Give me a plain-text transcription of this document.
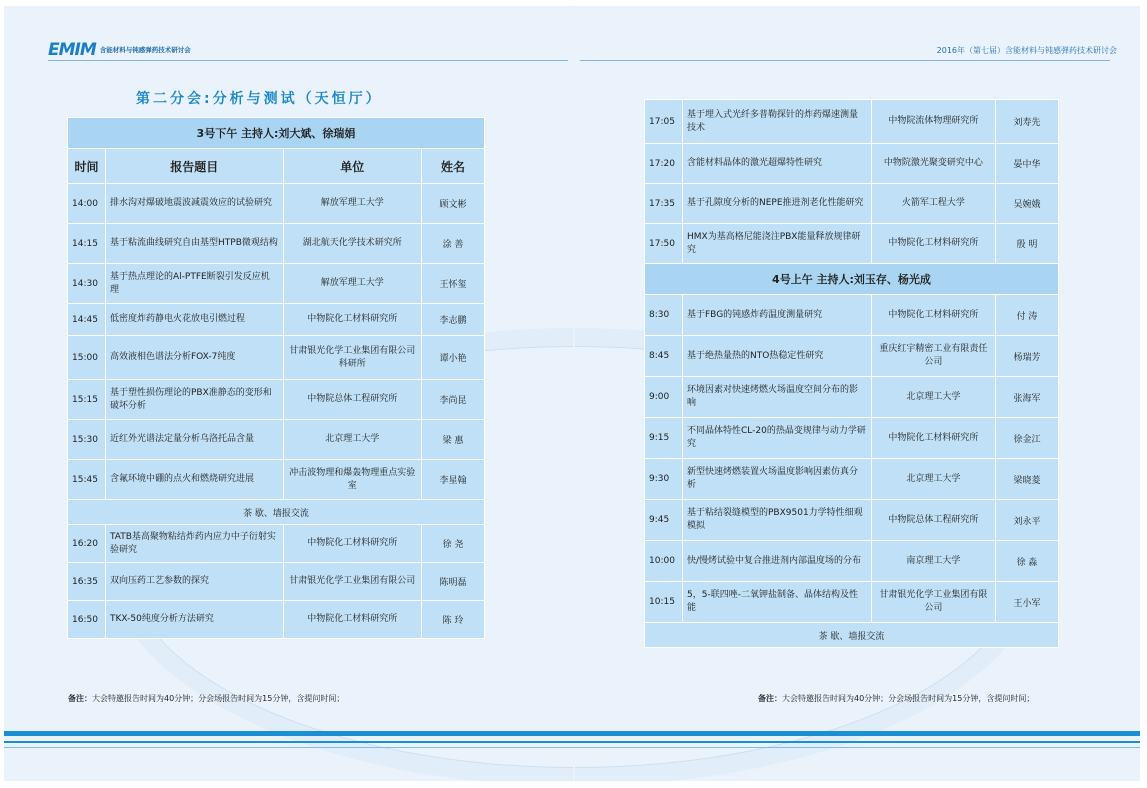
EMIM 含能材料与钝感弹药技术研讨会	2016年（第七届）含能材料与钝感弹药技术研讨会
第二分会:分析与测试（天恒厅）
3号下午 主持人:刘大斌、徐瑞娟			
时间	报告题目	单位	姓名
14:00	排水沟对爆破地震波减震效应的试验研究	解放军理工大学	顾文彬
14:15	基于粘流曲线研究自由基型HTPB微观结构	湖北航天化学技术研究所	涂 善
14:30	基于热点理论的Al-PTFE断裂引发反应机理	解放军理工大学	王怀玺
14:45	低密度炸药静电火花放电引燃过程	中物院化工材料研究所	李志鹏
15:00	高效液相色谱法分析FOX-7纯度	甘肃银光化学工业集团有限公司科研所	谭小艳
15:15	基于塑性损伤理论的PBX准静态的变形和破坏分析	中物院总体工程研究所	李尚昆
15:30	近红外光谱法定量分析乌洛托品含量	北京理工大学	梁 惠
15:45	含氟环境中硼的点火和燃烧研究进展	冲击波物理和爆轰物理重点实验室	李星翰
茶 歇、墙报交流			
16:20	TATB基高聚物粘结炸药内应力中子衍射实验研究	中物院化工材料研究所	徐 尧
16:35	双向压药工艺参数的探究	甘肃银光化学工业集团有限公司	陈明磊
16:50	TKX-50纯度分析方法研究	中物院化工材料研究所	陈 玲
17:05	基于埋入式光纤多普勒探针的炸药爆速测量技术	中物院流体物理研究所	刘寿先
17:20	含能材料晶体的激光超爆特性研究	中物院激光聚变研究中心	晏中华
17:35	基于孔隙度分析的NEPE推进剂老化性能研究	火箭军工程大学	吴婉娥
17:50	HMX为基高格尼能浇注PBX能量释放规律研究	中物院化工材料研究所	殷 明
4号上午 主持人:刘玉存、杨光成			
8:30	基于FBG的钝感炸药温度测量研究	中物院化工材料研究所	付 涛
8:45	基于绝热量热的NTO热稳定性研究	重庆红宇精密工业有限责任公司	杨瑞芳
9:00	环境因素对快速烤燃火场温度空间分布的影响	北京理工大学	张海军
9:15	不同晶体特性CL-20的热晶变规律与动力学研究	中物院化工材料研究所	徐金江
9:30	新型快速烤燃装置火场温度影响因素仿真分析	北京理工大学	梁晓菱
9:45	基于粘结裂缝模型的PBX9501力学特性细观模拟	中物院总体工程研究所	刘永平
10:00	快/慢烤试验中复合推进剂内部温度场的分布	南京理工大学	徐 淼
10:15	5，5-联四唑-二氧钾盐制备、晶体结构及性能	甘肃银光化学工业集团有限公司	王小军
茶 歇、墙报交流			
备注：大会特邀报告时间为40分钟；分会场报告时间为15分钟，含提问时间；	备注：大会特邀报告时间为40分钟；分会场报告时间为15分钟，含提问时间；
